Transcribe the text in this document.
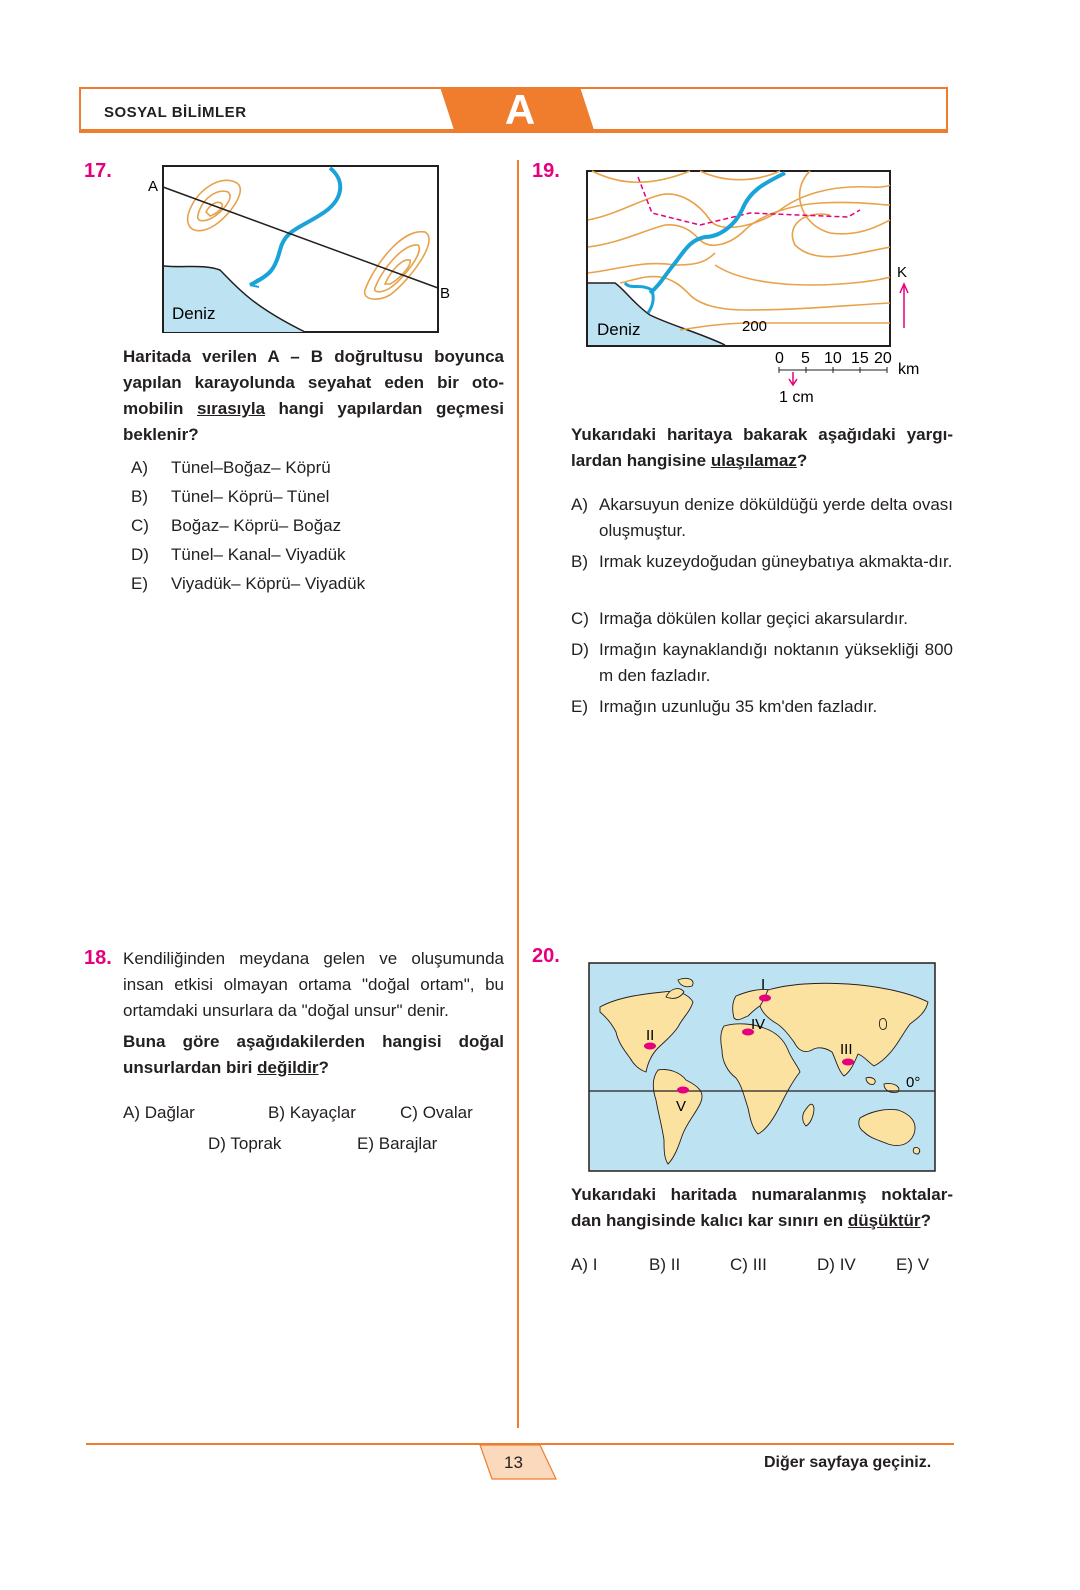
SOSYAL BİLİMLER	A
17.
A
B
Deniz
Haritada verilen A – B doğrultusu boyunca yapılan karayolunda seyahat eden bir oto-mobilin sırasıyla hangi yapılardan geçmesi beklenir?
A) Tünel–Boğaz– Köprü
B) Tünel– Köprü– Tünel
C) Boğaz– Köprü– Boğaz
D) Tünel– Kanal– Viyadük
E) Viyadük– Köprü– Viyadük
18. Kendiliğinden meydana gelen ve oluşumunda insan etkisi olmayan ortama "doğal ortam", bu ortamdaki unsurlara da "doğal unsur" denir.
Buna göre aşağıdakilerden hangisi doğal unsurlardan biri değildir?
A) Dağlar	B) Kayaçlar	C) Ovalar
D) Toprak	E) Barajlar
19.
Deniz	200
K
0 5 10 15 20
km
1 cm
Yukarıdaki haritaya bakarak aşağıdaki yargı-lardan hangisine ulaşılamaz?
A) Akarsuyun denize döküldüğü yerde delta ovası oluşmuştur.
B) Irmak kuzeydoğudan güneybatıya akmakta-dır.
C) Irmağa dökülen kollar geçici akarsulardır.
D) Irmağın kaynaklandığı noktanın yüksekliği 800 m den fazladır.
E) Irmağın uzunluğu 35 km'den fazladır.
20.
I
II
III
IV
V
0°
Yukarıdaki haritada numaralanmış noktalar-dan hangisinde kalıcı kar sınırı en düşüktür?
A) I	B) II	C) III	D) IV E) V
13	Diğer sayfaya geçiniz.
